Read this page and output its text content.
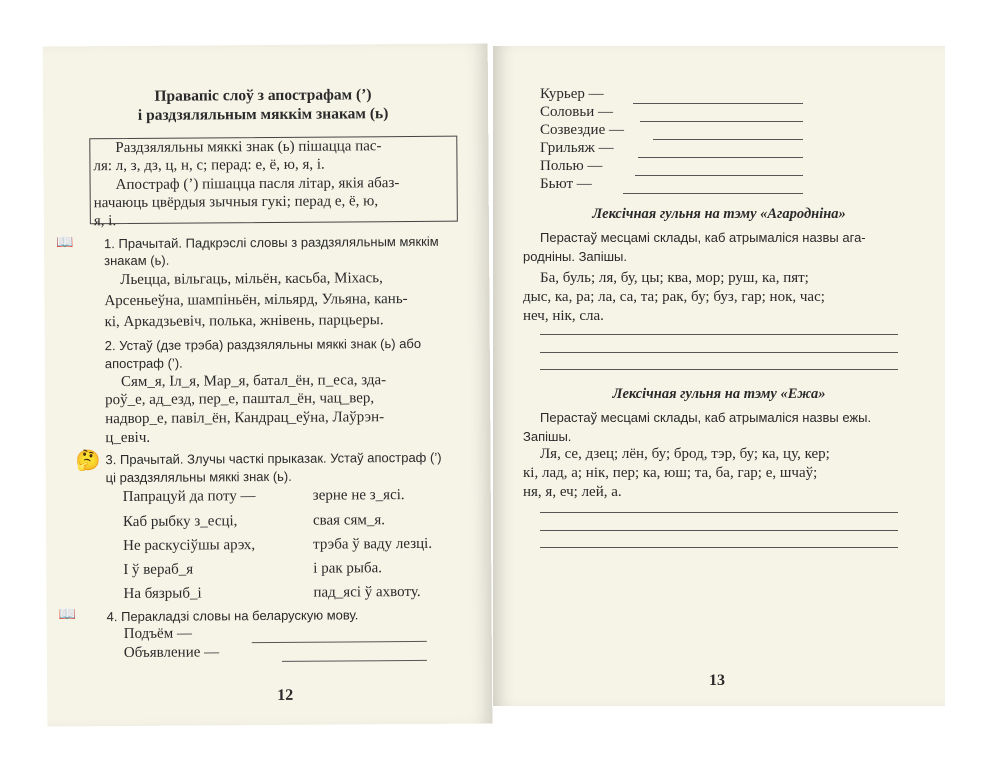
Правапіс слоў з апострафам (’)
і раздзяляльным мяккім знакам (ь)
Раздзяляльны мяккі знак (ь) пішацца пас-
ля: л, з, дз, ц, н, с; перад: е, ё, ю, я, і.
Апостраф (’) пішацца пасля літар, якія абаз-
начаюць цвёрдыя зычныя гукі; перад е, ё, ю,
я, і.
📖 1. Прачытай. Падкрэслі словы з раздзяляльным мяккім
знакам (ь).
Льецца, вільгаць, мільён, касьба, Міхась,
Арсеньеўна, шампіньён, мільярд, Ульяна, кань-
кі, Аркадзьевіч, полька, жнівень, парцьеры.
2. Устаў (дзе трэба) раздзяляльны мяккі знак (ь) або
апостраф (’).
Сям_я, Іл_я, Мар_я, батал_ён, п_еса, зда-
роў_е, ад_езд, пер_е, паштал_ён, чац_вер,
надвор_е, павіл_ён, Кандрац_еўна, Лаўрэн-
ц_евіч.
🤔 3. Прачытай. Злучы часткі прыказак. Устаў апостраф (’)
ці раздзяляльны мяккі знак (ь).
Папрацуй да поту —
Каб рыбку з_есці,
Не раскусіўшы арэх,
І ў вераб_я
На бязрыб_і
зерне не з_ясі.
свая сям_я.
трэба ў ваду лезці.
і рак рыба.
пад_ясі ў ахвоту.
📖 4. Перакладзі словы на беларускую мову.
Подъём —
Объявление —
12
Курьер —
Соловьи —
Созвездие —
Грильяж —
Полью —
Бьют —
Лексічная гульня на тэму «Агароднiна»
Перастаў месцамі склады, каб атрымаліся назвы ага-
родніны. Запішы.
Ба, буль; ля, бу, цы; ква, мор; руш, ка, пят;
дыс, ка, ра; ла, са, та; рак, бу; буз, гар; нок, час;
неч, нік, сла.
Лексічная гульня на тэму «Ежа»
Перастаў месцамі склады, каб атрымаліся назвы ежы.
Запішы.
Ля, се, дзец; лён, бу; брод, тэр, бу; ка, цу, кер;
кі, лад, а; нік, пер; ка, юш; та, ба, гар; е, шчаў;
ня, я, еч; лей, а.
13
